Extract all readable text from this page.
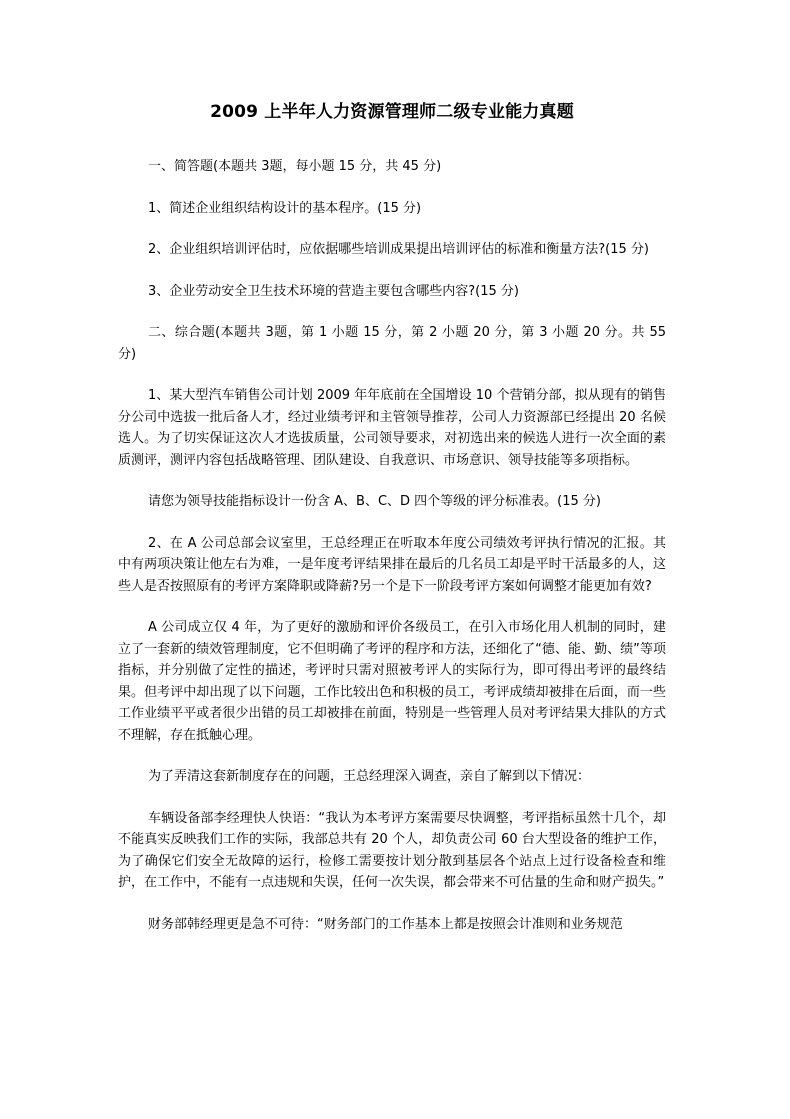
2009 上半年人力资源管理师二级专业能力真题

一、简答题(本题共 3题，每小题 15 分，共 45 分)

1、简述企业组织结构设计的基本程序。(15 分)

2、企业组织培训评估时，应依据哪些培训成果提出培训评估的标准和衡量方法?(15 分)

3、企业劳动安全卫生技术环境的营造主要包含哪些内容?(15 分)

二、综合题(本题共 3题，第 1 小题 15 分，第 2 小题 20 分，第 3 小题 20 分。共 55 分)

1、某大型汽车销售公司计划 2009 年年底前在全国增设 10 个营销分部，拟从现有的销售分公司中选拔一批后备人才，经过业绩考评和主管领导推荐，公司人力资源部已经提出 20 名候选人。为了切实保证这次人才选拔质量，公司领导要求，对初选出来的候选人进行一次全面的素质测评，测评内容包括战略管理、团队建设、自我意识、市场意识、领导技能等多项指标。

请您为领导技能指标设计一份含 A、B、C、D 四个等级的评分标准表。(15 分)

2、在 A 公司总部会议室里，王总经理正在听取本年度公司绩效考评执行情况的汇报。其中有两项决策让他左右为难，一是年度考评结果排在最后的几名员工却是平时干活最多的人，这些人是否按照原有的考评方案降职或降薪?另一个是下一阶段考评方案如何调整才能更加有效?

A 公司成立仅 4 年，为了更好的激励和评价各级员工，在引入市场化用人机制的同时，建立了一套新的绩效管理制度，它不但明确了考评的程序和方法，还细化了“德、能、勤、绩”等项指标，并分别做了定性的描述，考评时只需对照被考评人的实际行为，即可得出考评的最终结果。但考评中却出现了以下问题，工作比较出色和积极的员工，考评成绩却被排在后面，而一些工作业绩平平或者很少出错的员工却被排在前面，特别是一些管理人员对考评结果大排队的方式不理解，存在抵触心理。

为了弄清这套新制度存在的问题，王总经理深入调查，亲自了解到以下情况：

车辆设备部李经理快人快语：“我认为本考评方案需要尽快调整，考评指标虽然十几个，却不能真实反映我们工作的实际，我部总共有 20 个人，却负责公司 60 台大型设备的维护工作，为了确保它们安全无故障的运行，检修工需要按计划分散到基层各个站点上过行设备检查和维护，在工作中，不能有一点违规和失误，任何一次失误，都会带来不可估量的生命和财产损失。”

财务部韩经理更是急不可待：“财务部门的工作基本上都是按照会计准则和业务规范
